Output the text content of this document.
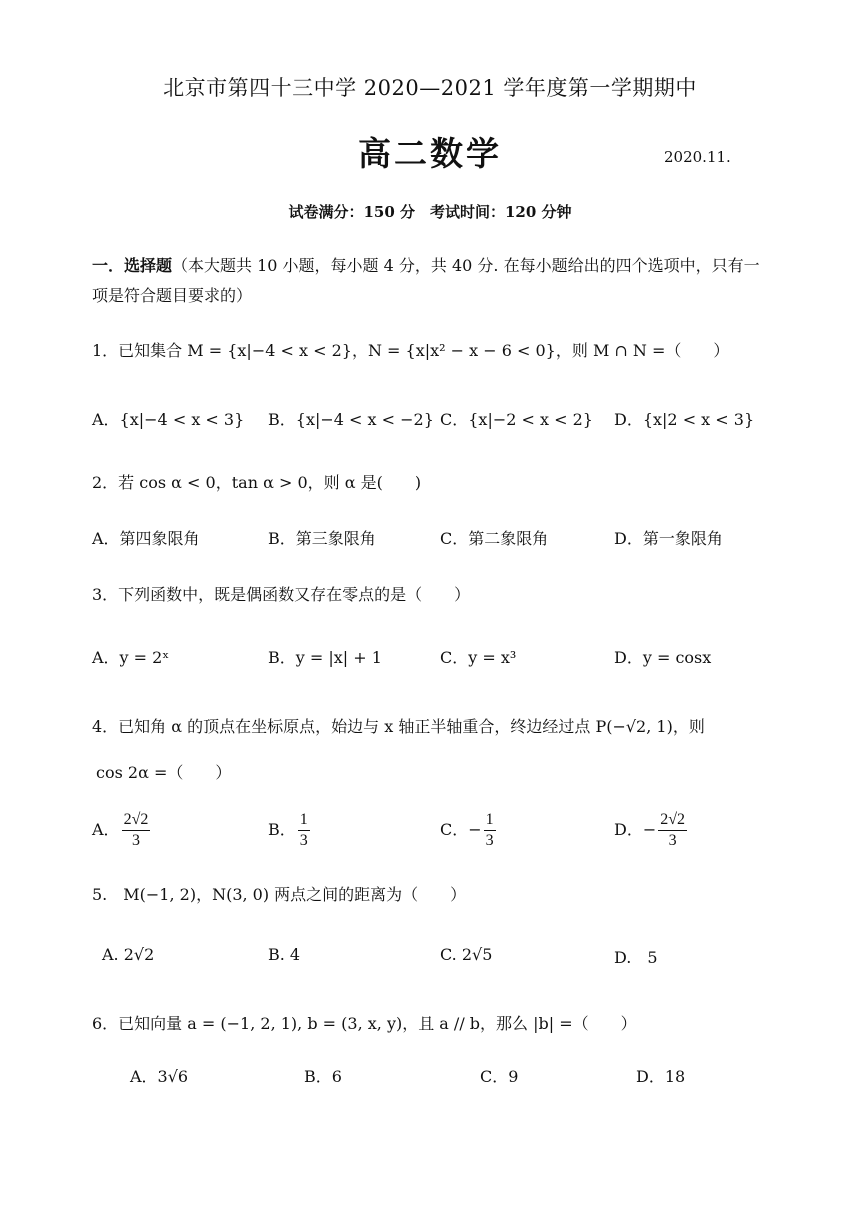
北京市第四十三中学 2020—2021 学年度第一学期期中
高二数学	2020.11.
试卷满分：150 分　考试时间：120 分钟
一．选择题（本大题共 10 小题，每小题 4 分，共 40 分. 在每小题给出的四个选项中，只有一项是符合题目要求的）
1．已知集合 M = {x|−4 < x < 2}，N = {x|x² − x − 6 < 0}，则 M ∩ N =（　　）
A．{x|−4 < x < 3} B．{x|−4 < x < −2} C．{x|−2 < x < 2} D．{x|2 < x < 3}
2．若 cos α < 0，tan α > 0，则 α 是(　　)
A．第四象限角	B．第三象限角	C．第二象限角	D．第一象限角
3．下列函数中，既是偶函数又存在零点的是（　　）
A．y = 2ˣ	B．y = |x| + 1	C．y = x³	D．y = cosx
4．已知角 α 的顶点在坐标原点，始边与 x 轴正半轴重合，终边经过点 P(−√2, 1)，则
cos 2α =（　　）
A． $\frac{2√2}{3}$	B． $\frac{1}{3}$	C．− $\frac{1}{3}$	D．− $\frac{2√2}{3}$
5.　M(−1, 2)，N(3, 0) 两点之间的距离为（　　）
A. 2√2	B. 4	C. 2√5	D.　5
6．已知向量 a = (−1, 2, 1), b = (3, x, y)，且 a // b，那么 |b| =（　　）
A．3√6	B．6	C．9	D．18
